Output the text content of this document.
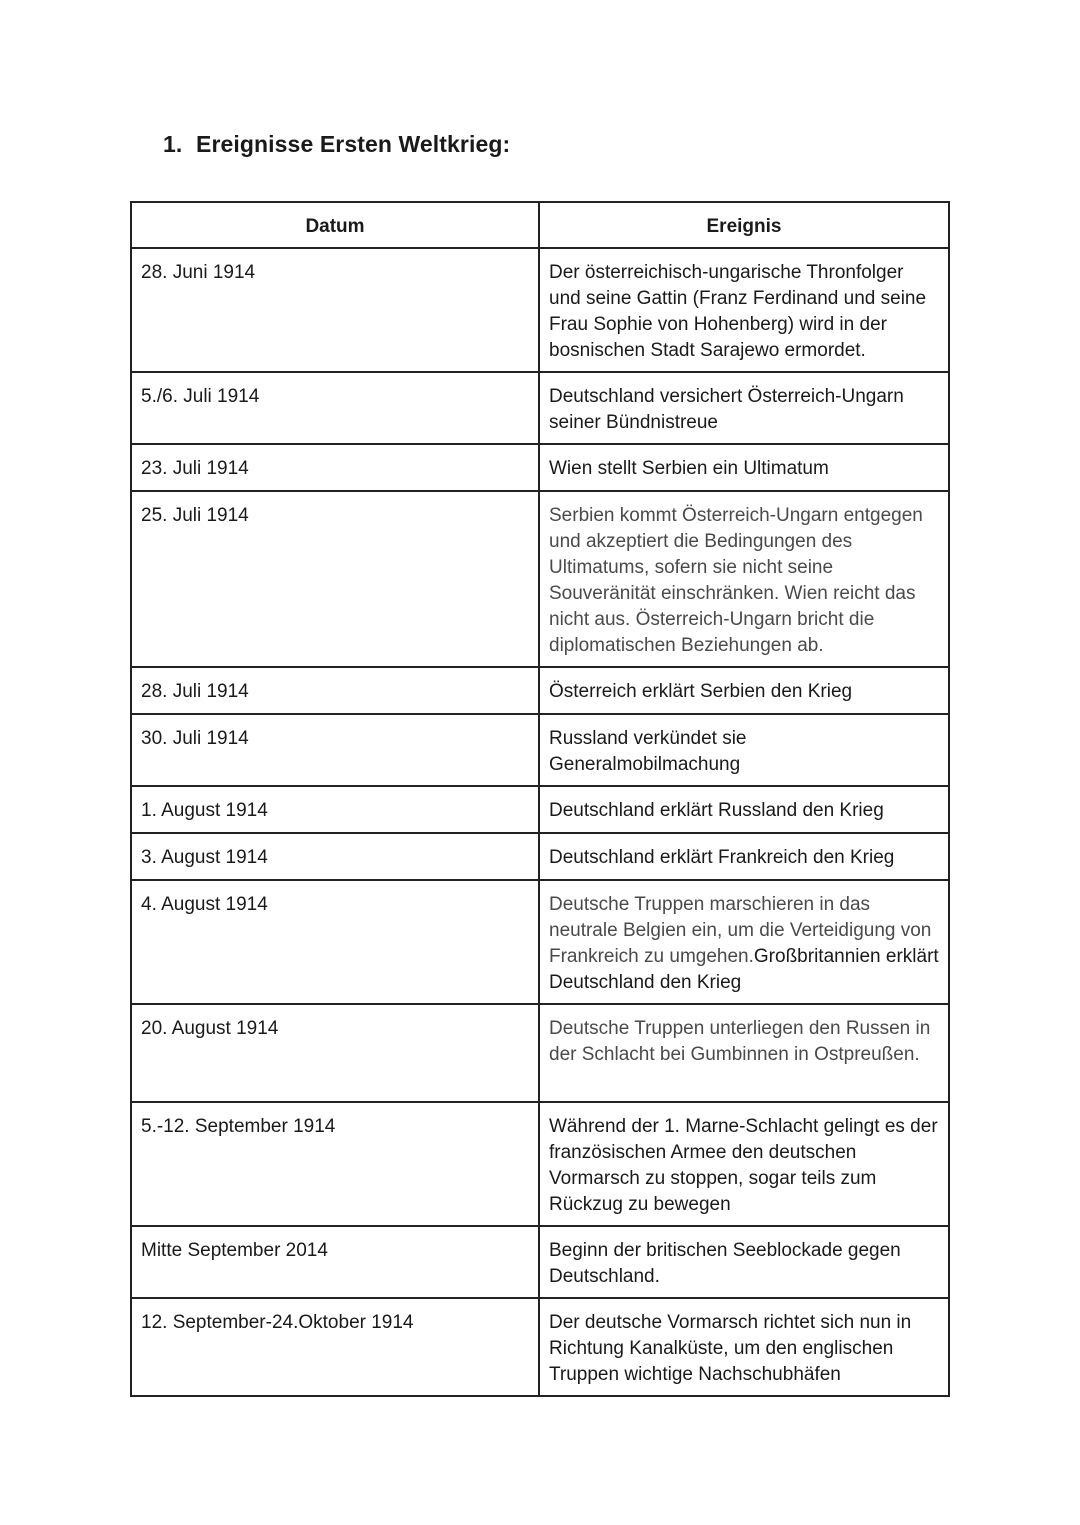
1. Ereignisse Ersten Weltkrieg:
Datum	Ereignis
28. Juni 1914	Der österreichisch-ungarische Thronfolger und seine Gattin (Franz Ferdinand und seine Frau Sophie von Hohenberg) wird in der bosnischen Stadt Sarajewo ermordet.
5./6. Juli 1914	Deutschland versichert Österreich-Ungarn seiner Bündnistreue
23. Juli 1914	Wien stellt Serbien ein Ultimatum
25. Juli 1914	Serbien kommt Österreich-Ungarn entgegen und akzeptiert die Bedingungen des Ultimatums, sofern sie nicht seine Souveränität einschränken. Wien reicht das nicht aus. Österreich-Ungarn bricht die diplomatischen Beziehungen ab.
28. Juli 1914	Österreich erklärt Serbien den Krieg
30. Juli 1914	Russland verkündet sie Generalmobilmachung
1. August 1914	Deutschland erklärt Russland den Krieg
3. August 1914	Deutschland erklärt Frankreich den Krieg
4. August 1914	Deutsche Truppen marschieren in das neutrale Belgien ein, um die Verteidigung von Frankreich zu umgehen.Großbritannien erklärt Deutschland den Krieg
20. August 1914	Deutsche Truppen unterliegen den Russen in der Schlacht bei Gumbinnen in Ostpreußen.
5.-12. September 1914	Während der 1. Marne-Schlacht gelingt es der französischen Armee den deutschen Vormarsch zu stoppen, sogar teils zum Rückzug zu bewegen
Mitte September 2014	Beginn der britischen Seeblockade gegen Deutschland.
12. September-24.Oktober 1914	Der deutsche Vormarsch richtet sich nun in Richtung Kanalküste, um den englischen Truppen wichtige Nachschubhäfen
